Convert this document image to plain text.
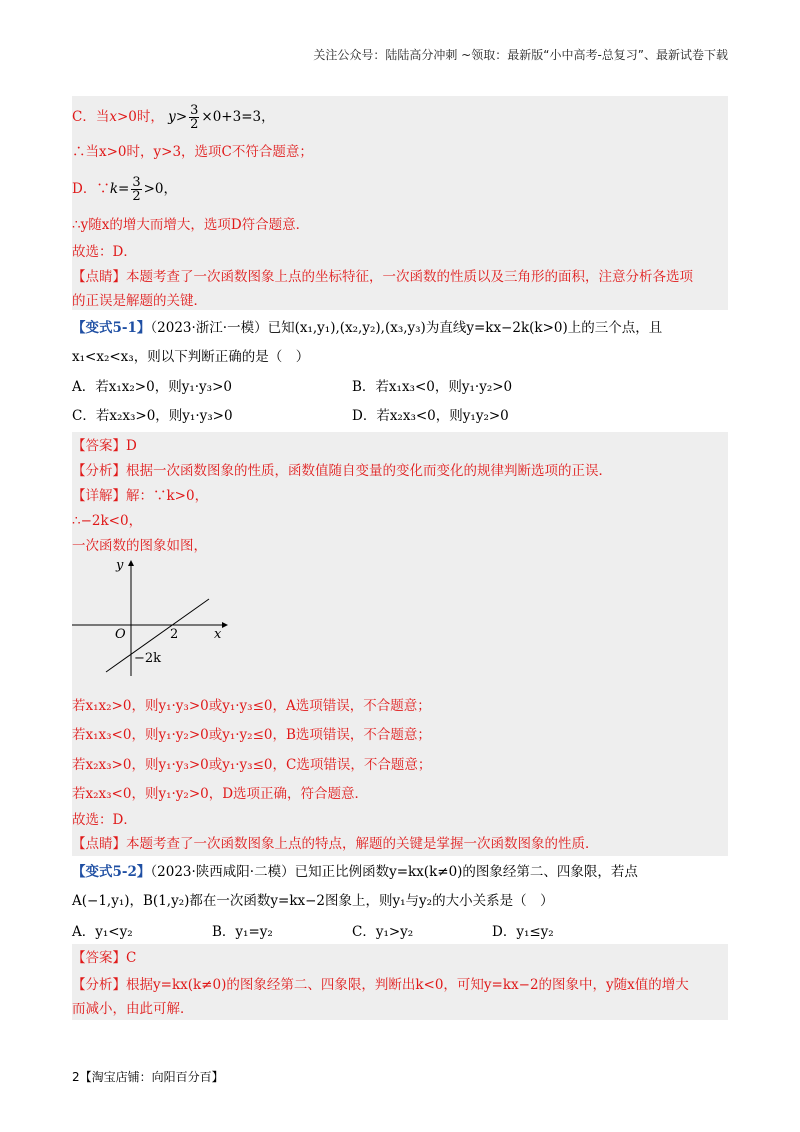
关注公众号：陆陆高分冲刺 ~领取：最新版“小中高考-总复习”、最新试卷下载
C．当x>0时， $y> \frac{3}{2} \times 0+3=3$，
∴当x>0时，y>3，选项C不符合题意；
D．∵k= $\frac{3}{2} >0$，
∴y随x的增大而增大，选项D符合题意．
故选：D．
【点睛】本题考查了一次函数图象上点的坐标特征，一次函数的性质以及三角形的面积，注意分析各选项
的正误是解题的关键．
【变式5-1】（2023·浙江·一模）已知(x₁,y₁),(x₂,y₂),(x₃,y₃)为直线y=kx−2k(k>0)上的三个点，且
x₁<x₂<x₃，则以下判断正确的是（　）
A．若x₁x₂>0，则y₁·y₃>0	B．若x₁x₃<0，则y₁·y₂>0
C．若x₂x₃>0，则y₁·y₃>0	D．若x₂x₃<0，则y₁y₂>0
【答案】D
【分析】根据一次函数图象的性质，函数值随自变量的变化而变化的规律判断选项的正误．
【详解】解：∵k>0，
∴−2k<0，
一次函数的图象如图，
y
x
O	2
−2k
若x₁x₂>0，则y₁·y₃>0或y₁·y₃≤0，A选项错误，不合题意；
若x₁x₃<0，则y₁·y₂>0或y₁·y₂≤0，B选项错误，不合题意；
若x₂x₃>0，则y₁·y₃>0或y₁·y₃≤0，C选项错误，不合题意；
若x₂x₃<0，则y₁·y₂>0，D选项正确，符合题意．
故选：D．
【点睛】本题考查了一次函数图象上点的特点，解题的关键是掌握一次函数图象的性质．
【变式5-2】（2023·陕西咸阳·二模）已知正比例函数y=kx(k≠0)的图象经第二、四象限，若点
A(−1,y₁)，B(1,y₂)都在一次函数y=kx−2图象上，则y₁与y₂的大小关系是（　）
A．y₁<y₂	B．y₁=y₂	C．y₁>y₂	D．y₁≤y₂
【答案】C
【分析】根据y=kx(k≠0)的图象经第二、四象限，判断出k<0，可知y=kx−2的图象中，y随x值的增大
而减小，由此可解．
2【淘宝店铺：向阳百分百】
